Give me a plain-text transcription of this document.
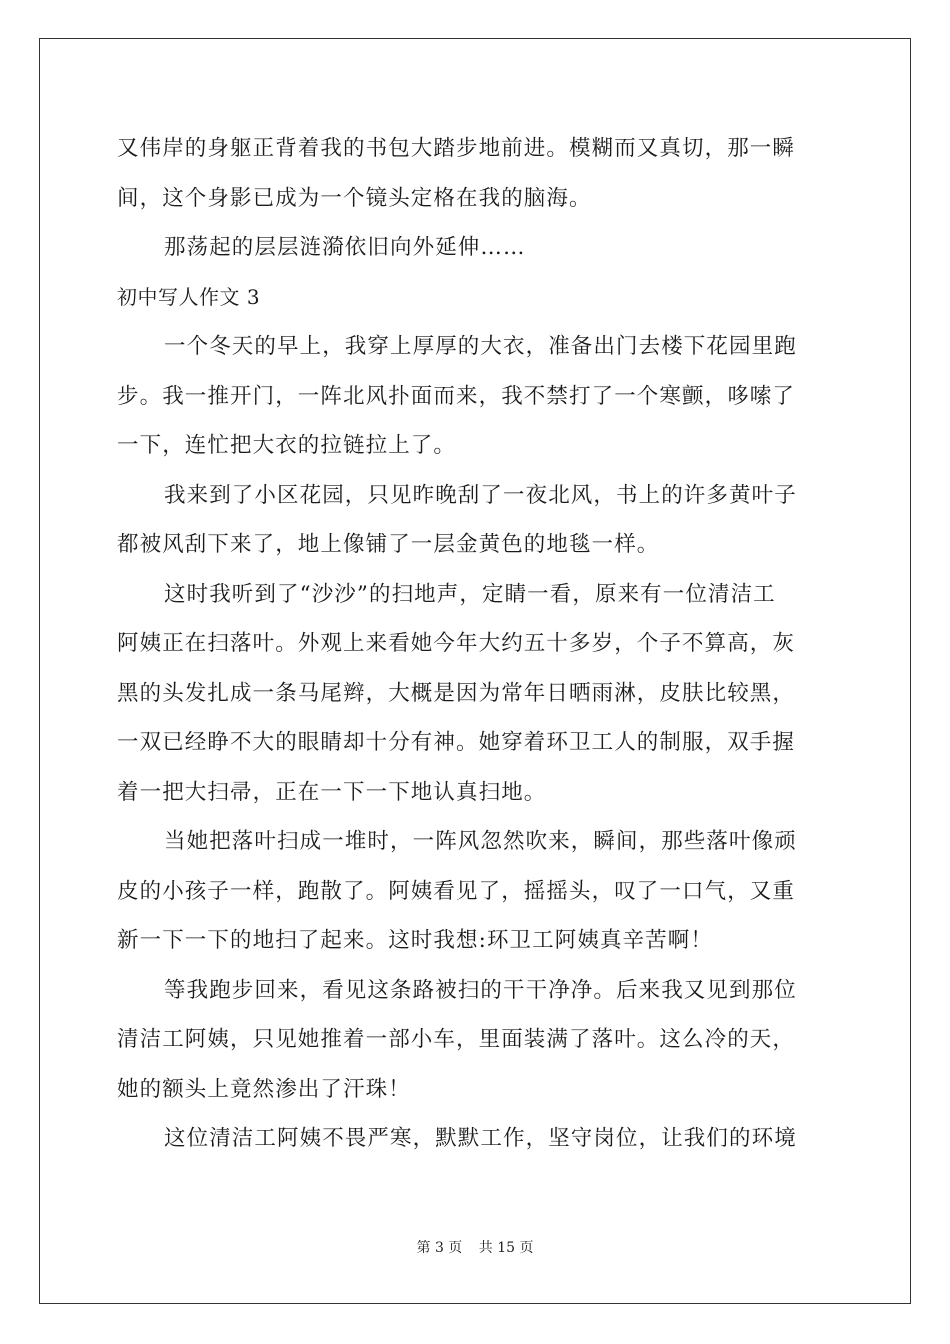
又伟岸的身躯正背着我的书包大踏步地前进。模糊而又真切，那一瞬
间，这个身影已成为一个镜头定格在我的脑海。
那荡起的层层涟漪依旧向外延伸……
初中写人作文 3
一个冬天的早上，我穿上厚厚的大衣，准备出门去楼下花园里跑
步。我一推开门，一阵北风扑面而来，我不禁打了一个寒颤，哆嗦了
一下，连忙把大衣的拉链拉上了。
我来到了小区花园，只见昨晚刮了一夜北风，书上的许多黄叶子
都被风刮下来了，地上像铺了一层金黄色的地毯一样。
这时我听到了“沙沙”的扫地声，定睛一看，原来有一位清洁工
阿姨正在扫落叶。外观上来看她今年大约五十多岁，个子不算高，灰
黑的头发扎成一条马尾辫，大概是因为常年日晒雨淋，皮肤比较黑，
一双已经睁不大的眼睛却十分有神。她穿着环卫工人的制服，双手握
着一把大扫帚，正在一下一下地认真扫地。
当她把落叶扫成一堆时，一阵风忽然吹来，瞬间，那些落叶像顽
皮的小孩子一样，跑散了。阿姨看见了，摇摇头，叹了一口气，又重
新一下一下的地扫了起来。这时我想:环卫工阿姨真辛苦啊！
等我跑步回来，看见这条路被扫的干干净净。后来我又见到那位
清洁工阿姨，只见她推着一部小车，里面装满了落叶。这么冷的天，
她的额头上竟然渗出了汗珠！
这位清洁工阿姨不畏严寒，默默工作，坚守岗位，让我们的环境
第 3 页 共 15 页
